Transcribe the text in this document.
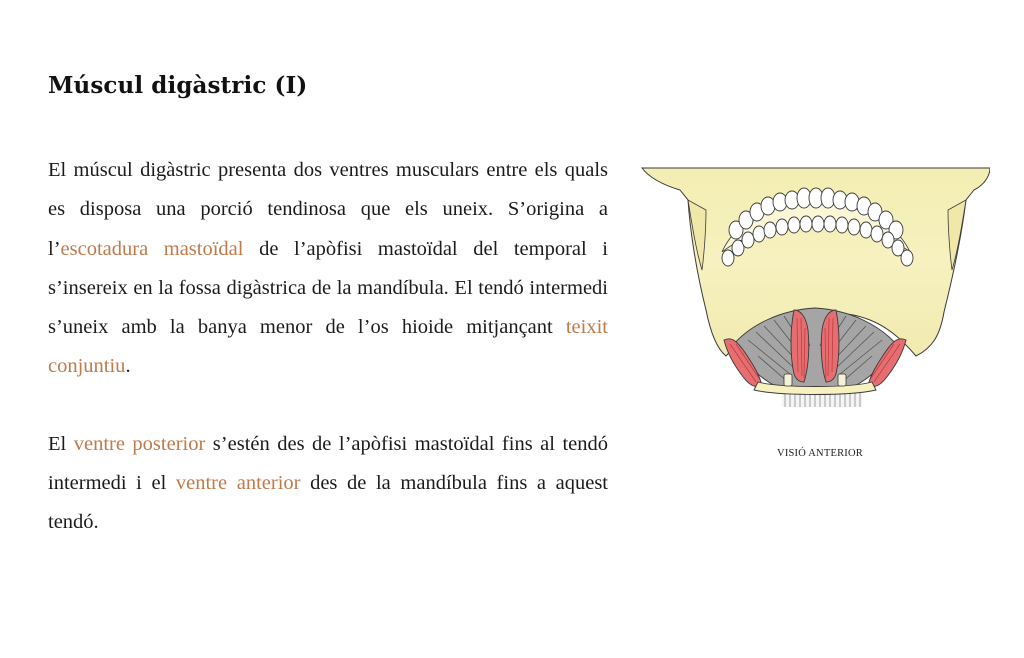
Múscul digàstric (I)

El múscul digàstric presenta dos ventres musculars entre els quals es disposa una porció tendinosa que els uneix. S’origina a l’escotadura mastoïdal de l’apòfisi mastoïdal del temporal i s’insereix en la fossa digàstrica de la mandíbula. El tendó intermedi s’uneix amb la banya menor de l’os hioide mitjançant teixit conjuntiu.

El ventre posterior s’estén des de l’apòfisi mastoïdal fins al tendó intermedi i el ventre anterior des de la mandíbula fins a aquest tendó.

VISIÓ ANTERIOR
